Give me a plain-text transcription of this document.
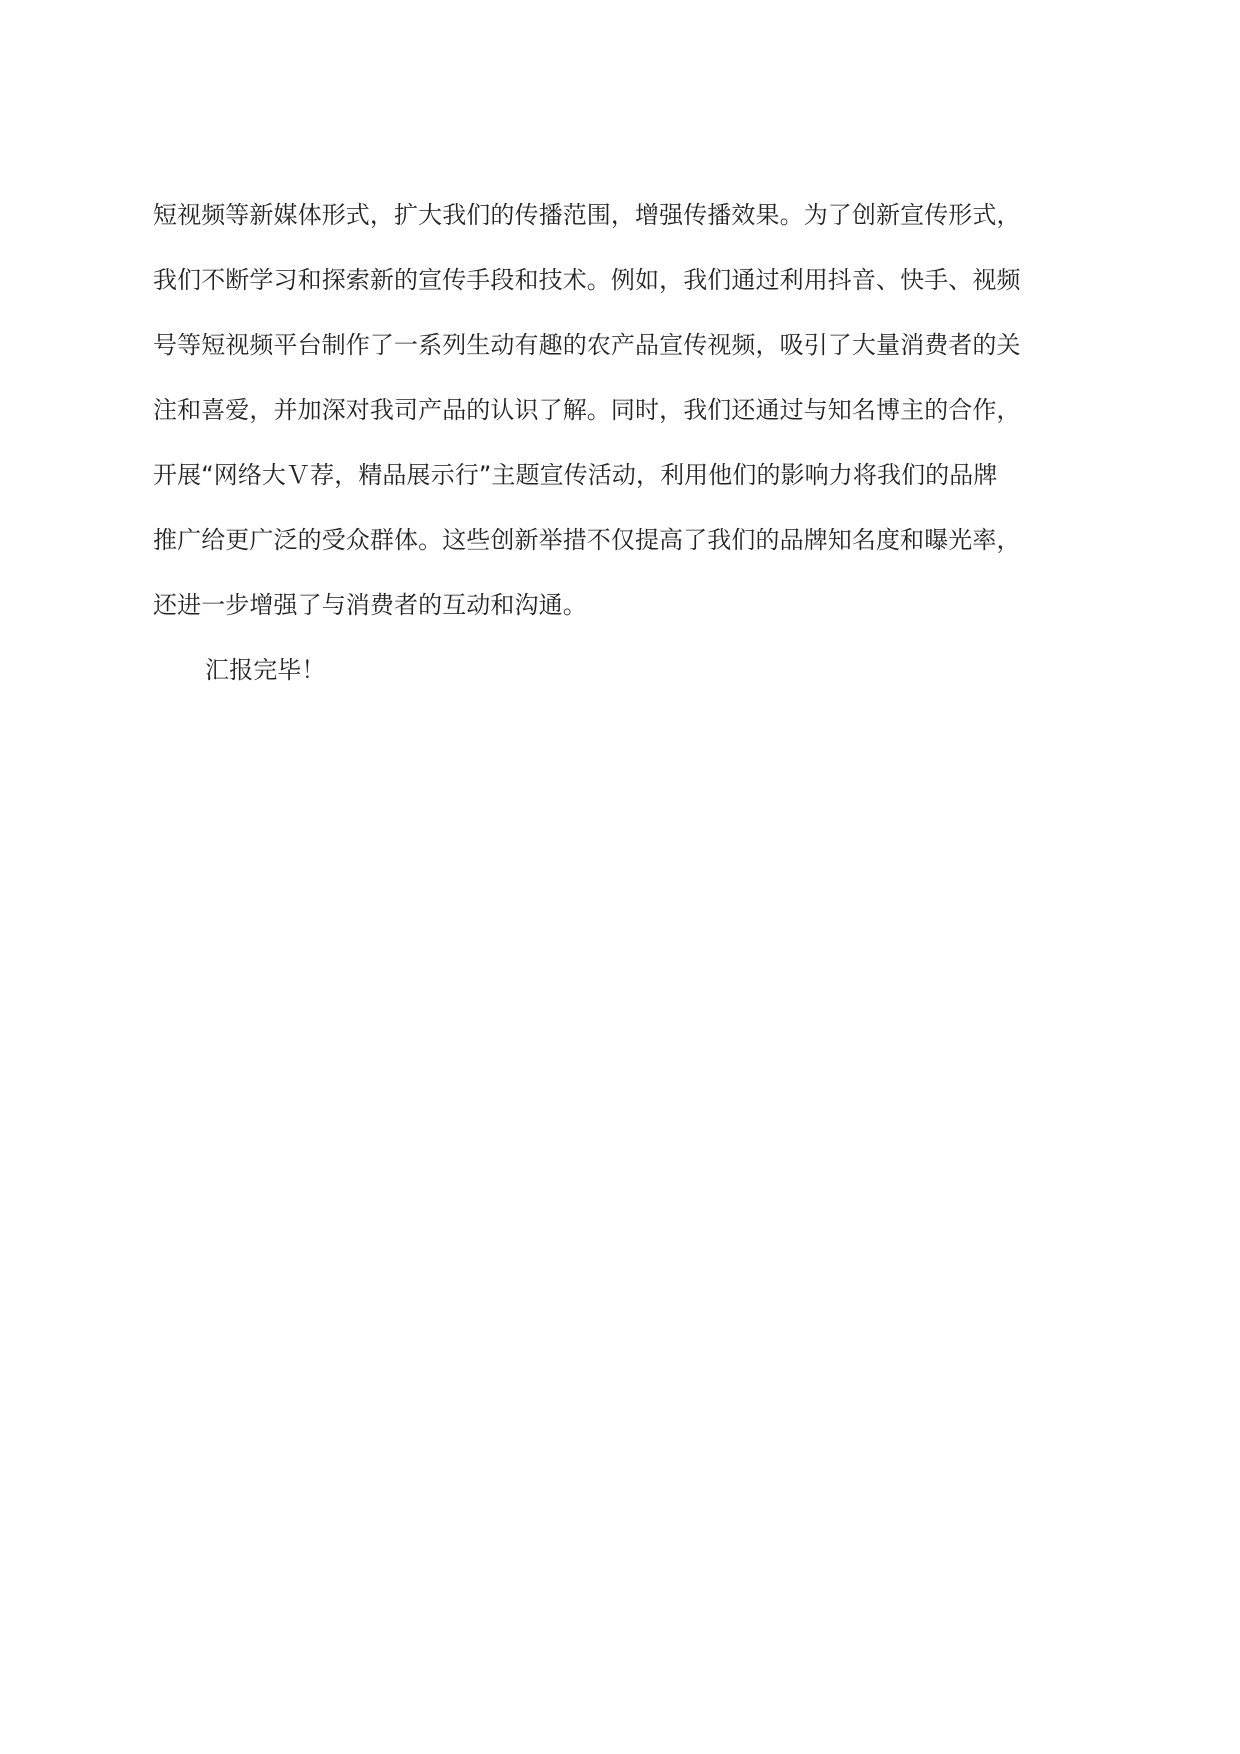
短视频等新媒体形式，扩大我们的传播范围，增强传播效果。为了创新宣传形式，
我们不断学习和探索新的宣传手段和技术。例如，我们通过利用抖音、快手、视频
号等短视频平台制作了一系列生动有趣的农产品宣传视频，吸引了大量消费者的关
注和喜爱，并加深对我司产品的认识了解。同时，我们还通过与知名博主的合作，
开展“网络大Ｖ荐，精品展示行”主题宣传活动，利用他们的影响力将我们的品牌
推广给更广泛的受众群体。这些创新举措不仅提高了我们的品牌知名度和曝光率，
还进一步增强了与消费者的互动和沟通。
汇报完毕！
